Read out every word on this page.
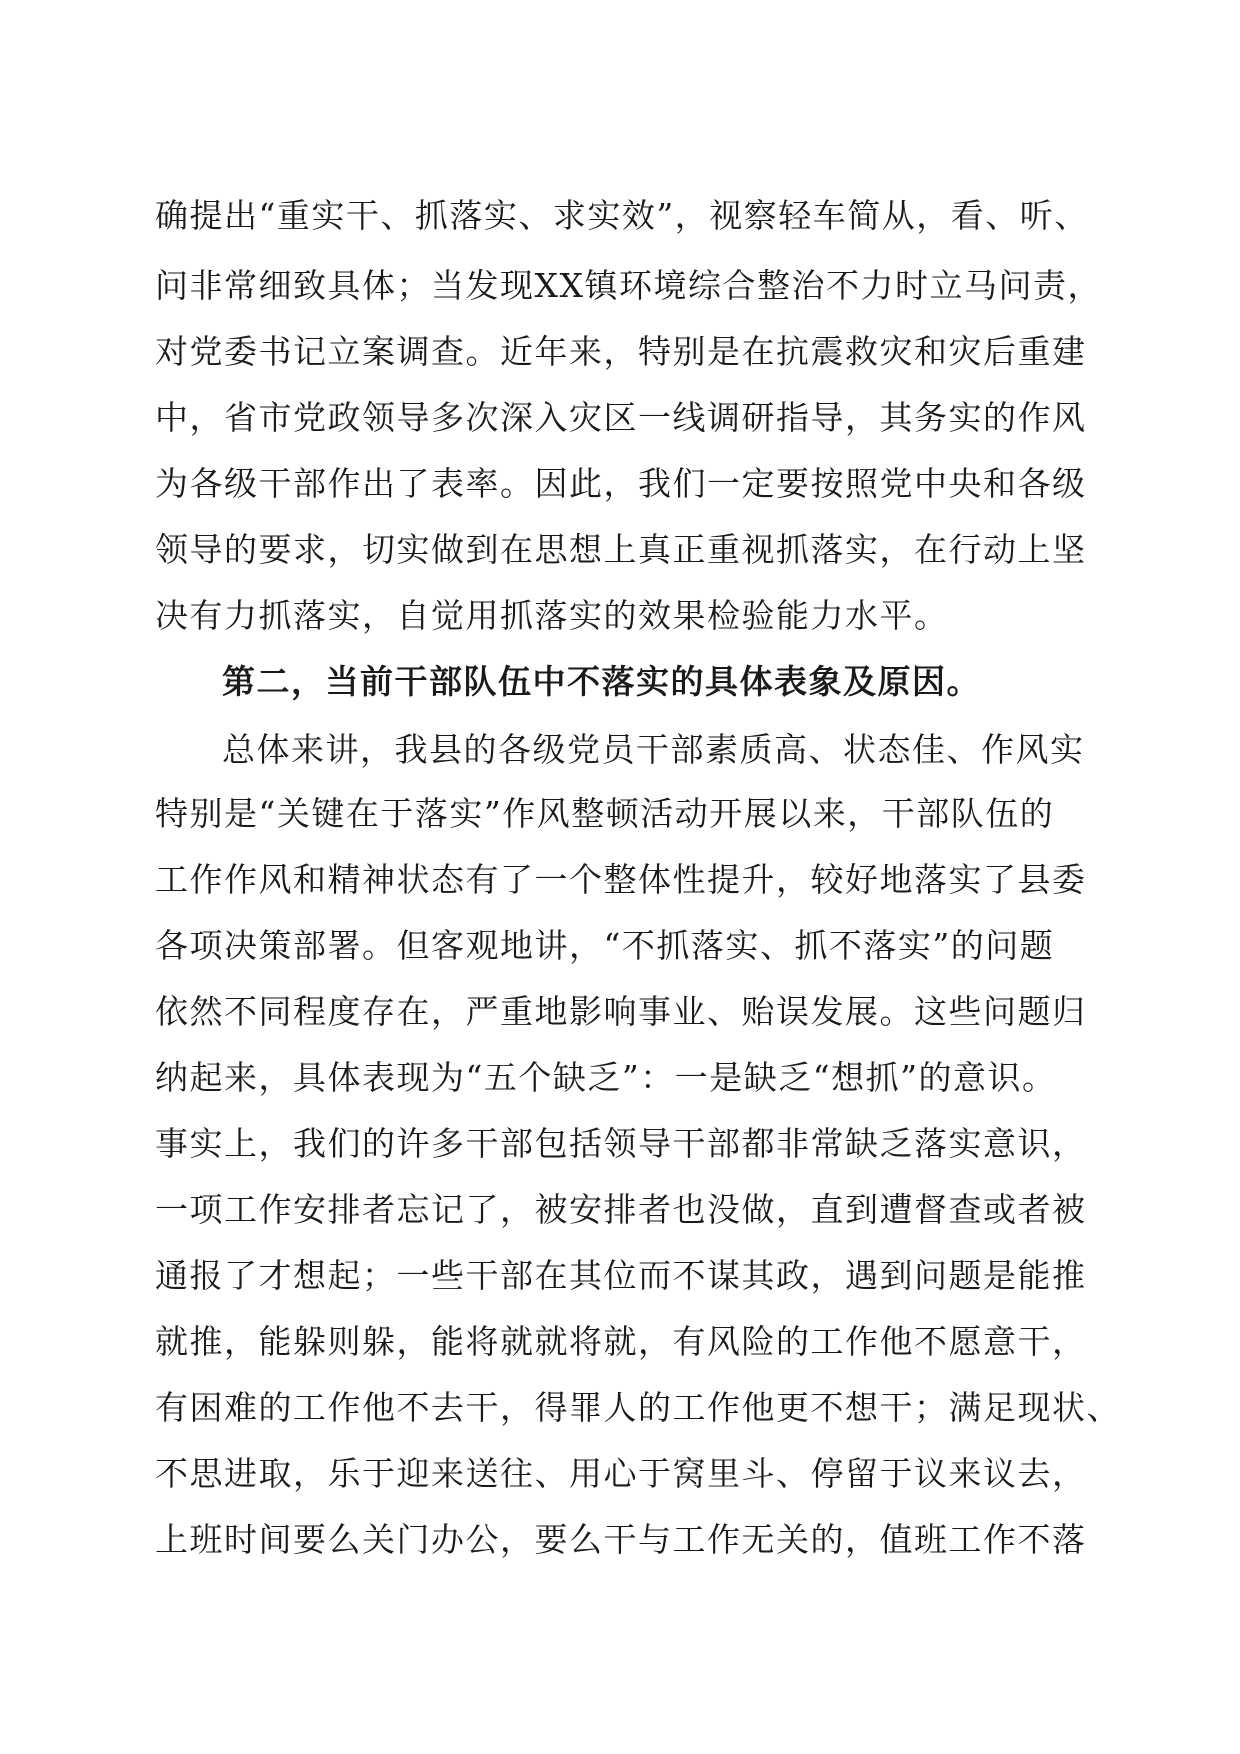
确提出“重实干、抓落实、求实效”，视察轻车简从，看、听、
问非常细致具体；当发现XX镇环境综合整治不力时立马问责，
对党委书记立案调查。近年来，特别是在抗震救灾和灾后重建
中，省市党政领导多次深入灾区一线调研指导，其务实的作风
为各级干部作出了表率。因此，我们一定要按照党中央和各级
领导的要求，切实做到在思想上真正重视抓落实，在行动上坚
决有力抓落实，自觉用抓落实的效果检验能力水平。
第二，当前干部队伍中不落实的具体表象及原因。
总体来讲，我县的各级党员干部素质高、状态佳、作风实
特别是“关键在于落实”作风整顿活动开展以来，干部队伍的
工作作风和精神状态有了一个整体性提升，较好地落实了县委
各项决策部署。但客观地讲，“不抓落实、抓不落实”的问题
依然不同程度存在，严重地影响事业、贻误发展。这些问题归
纳起来，具体表现为“五个缺乏”：一是缺乏“想抓”的意识。
事实上，我们的许多干部包括领导干部都非常缺乏落实意识，
一项工作安排者忘记了，被安排者也没做，直到遭督查或者被
通报了才想起；一些干部在其位而不谋其政，遇到问题是能推
就推，能躲则躲，能将就就将就，有风险的工作他不愿意干，
有困难的工作他不去干，得罪人的工作他更不想干；满足现状、
不思进取，乐于迎来送往、用心于窝里斗、停留于议来议去，
上班时间要么关门办公，要么干与工作无关的，值班工作不落
